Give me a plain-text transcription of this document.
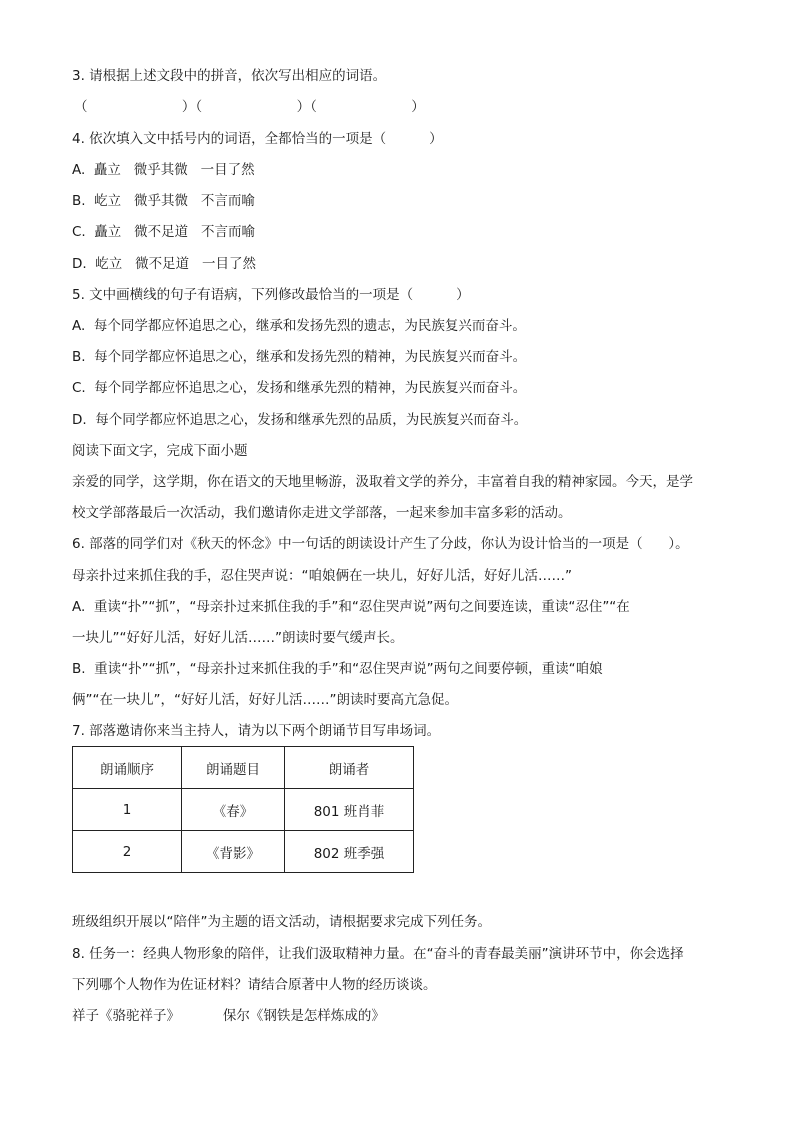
3. 请根据上述文段中的拼音，依次写出相应的词语。
（                      ）（                      ）（                      ）
4. 依次填入文中括号内的词语，全都恰当的一项是（          ）
A.  矗立   微乎其微   一目了然
B.  屹立   微乎其微   不言而喻
C.  矗立   微不足道   不言而喻
D.  屹立   微不足道   一目了然
5. 文中画横线的句子有语病，下列修改最恰当的一项是（          ）
A.  每个同学都应怀追思之心，继承和发扬先烈的遗志，为民族复兴而奋斗。
B.  每个同学都应怀追思之心，继承和发扬先烈的精神，为民族复兴而奋斗。
C.  每个同学都应怀追思之心，发扬和继承先烈的精神，为民族复兴而奋斗。
D.  每个同学都应怀追思之心，发扬和继承先烈的品质，为民族复兴而奋斗。
阅读下面文字，完成下面小题
亲爱的同学，这学期，你在语文的天地里畅游，汲取着文学的养分，丰富着自我的精神家园。今天，是学
校文学部落最后一次活动，我们邀请你走进文学部落，一起来参加丰富多彩的活动。
6. 部落的同学们对《秋天的怀念》中一句话的朗读设计产生了分歧，你认为设计恰当的一项是（      ）。
母亲扑过来抓住我的手，忍住哭声说：“咱娘俩在一块儿，好好儿活，好好儿活……”
A.  重读“扑”“抓”，“母亲扑过来抓住我的手”和“忍住哭声说”两句之间要连读，重读“忍住”“在
一块儿”“好好儿活，好好儿活……”朗读时要气缓声长。
B.  重读“扑”“抓”，“母亲扑过来抓住我的手”和“忍住哭声说”两句之间要停顿，重读“咱娘
俩”“在一块儿”，“好好儿活，好好儿活……”朗读时要高亢急促。
7. 部落邀请你来当主持人，请为以下两个朗诵节目写串场词。
朗诵顺序	朗诵题目	朗诵者
1	《春》	801 班肖菲
2	《背影》	802 班季强
班级组织开展以“陪伴”为主题的语文活动，请根据要求完成下列任务。
8. 任务一：经典人物形象的陪伴，让我们汲取精神力量。在“奋斗的青春最美丽”演讲环节中，你会选择
下列哪个人物作为佐证材料？请结合原著中人物的经历谈谈。
祥子《骆驼祥子》          保尔《钢铁是怎样炼成的》
